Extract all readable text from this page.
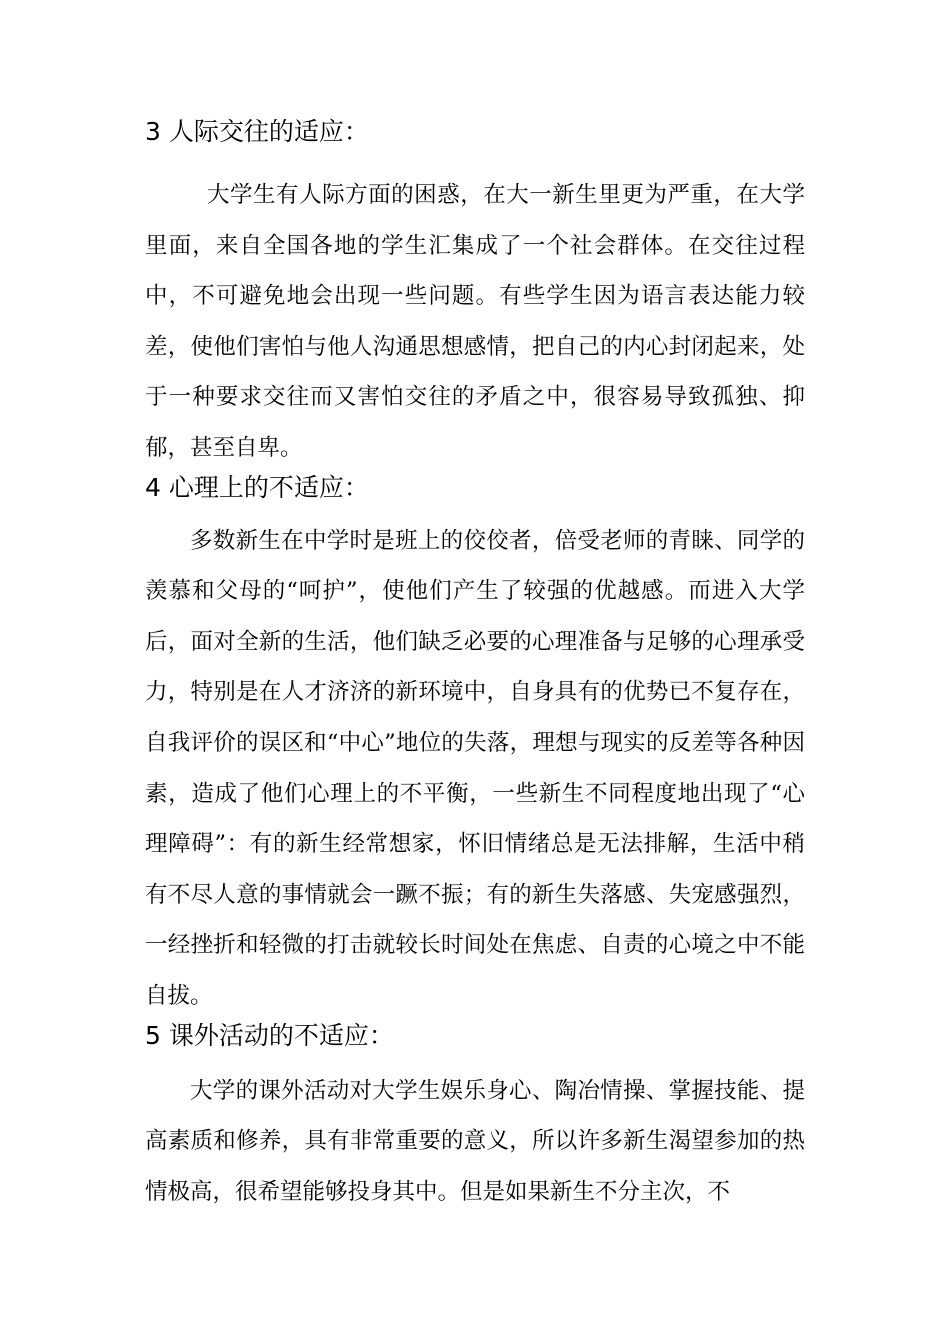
3 人际交往的适应：
大学生有人际方面的困惑，在大一新生里更为严重，在大学里面，来自全国各地的学生汇集成了一个社会群体。在交往过程中，不可避免地会出现一些问题。有些学生因为语言表达能力较差，使他们害怕与他人沟通思想感情，把自己的内心封闭起来，处于一种要求交往而又害怕交往的矛盾之中，很容易导致孤独、抑郁，甚至自卑。
4 心理上的不适应：
多数新生在中学时是班上的佼佼者，倍受老师的青睐、同学的羡慕和父母的“呵护”，使他们产生了较强的优越感。而进入大学后，面对全新的生活，他们缺乏必要的心理准备与足够的心理承受力，特别是在人才济济的新环境中，自身具有的优势已不复存在，自我评价的误区和“中心”地位的失落，理想与现实的反差等各种因素，造成了他们心理上的不平衡，一些新生不同程度地出现了“心理障碍”：有的新生经常想家，怀旧情绪总是无法排解，生活中稍有不尽人意的事情就会一蹶不振；有的新生失落感、失宠感强烈，一经挫折和轻微的打击就较长时间处在焦虑、自责的心境之中不能自拔。
5 课外活动的不适应：
大学的课外活动对大学生娱乐身心、陶冶情操、掌握技能、提高素质和修养，具有非常重要的意义，所以许多新生渴望参加的热情极高，很希望能够投身其中。但是如果新生不分主次，不
